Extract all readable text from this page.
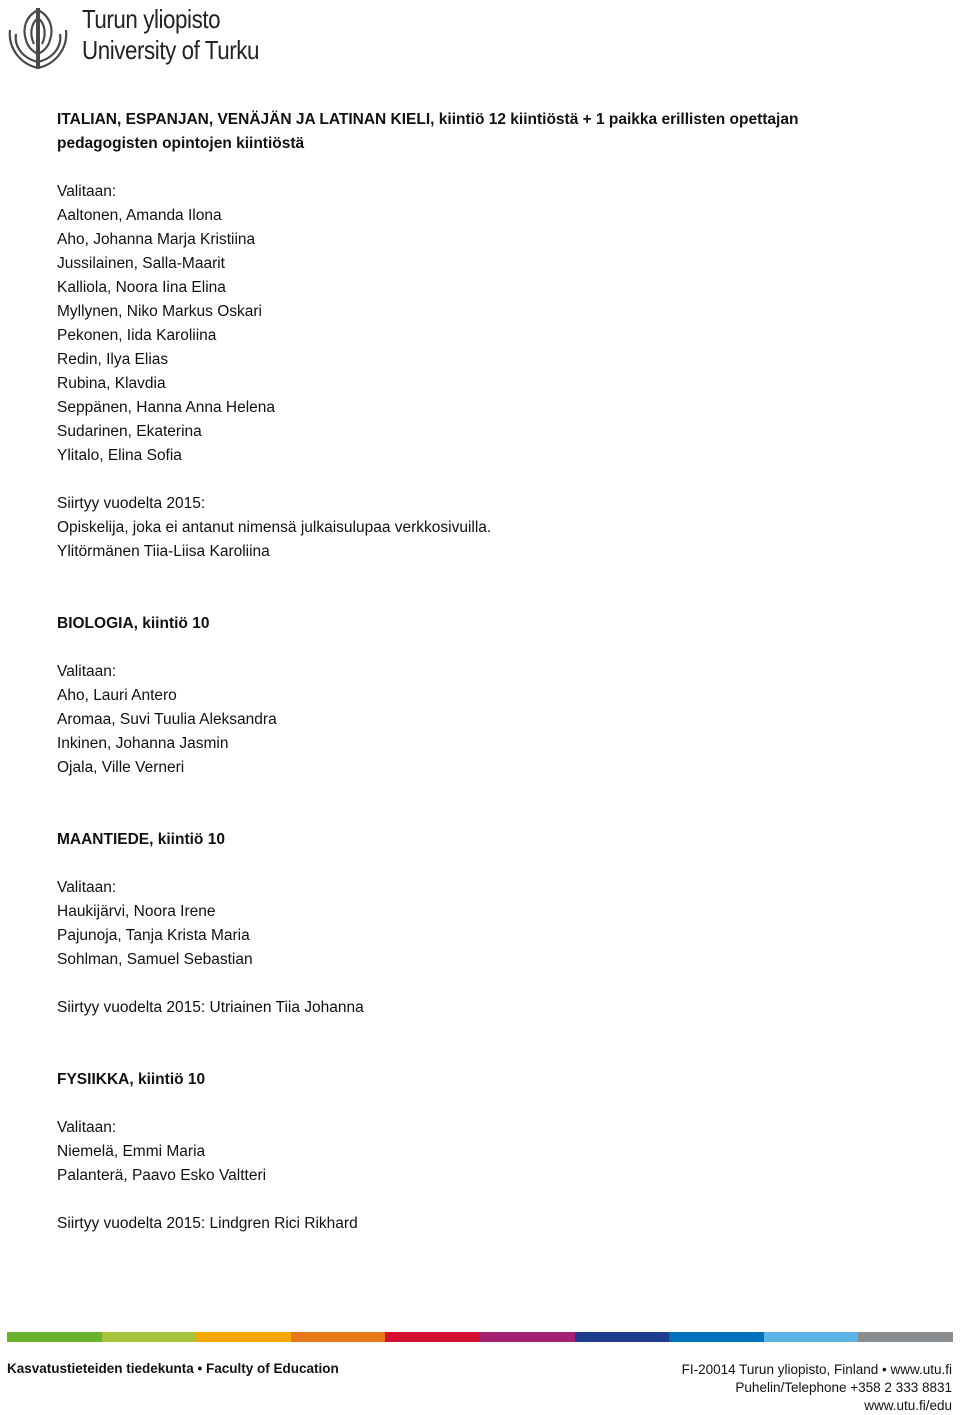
Turun yliopisto
University of Turku

ITALIAN, ESPANJAN, VENÄJÄN JA LATINAN KIELI, kiintiö 12 kiintiöstä + 1 paikka erillisten opettajan

pedagogisten opintojen kiintiöstä

Valitaan:

Aaltonen, Amanda Ilona

Aho, Johanna Marja Kristiina

Jussilainen, Salla-Maarit

Kalliola, Noora Iina Elina

Myllynen, Niko Markus Oskari

Pekonen, Iida Karoliina

Redin, Ilya Elias

Rubina, Klavdia

Seppänen, Hanna Anna Helena

Sudarinen, Ekaterina

Ylitalo, Elina Sofia

Siirtyy vuodelta 2015:

Opiskelija, joka ei antanut nimensä julkaisulupaa verkkosivuilla.

Ylitörmänen Tiia-Liisa Karoliina

BIOLOGIA, kiintiö 10

Valitaan:

Aho, Lauri Antero

Aromaa, Suvi Tuulia Aleksandra

Inkinen, Johanna Jasmin

Ojala, Ville Verneri

MAANTIEDE, kiintiö 10

Valitaan:

Haukijärvi, Noora Irene

Pajunoja, Tanja Krista Maria

Sohlman, Samuel Sebastian

Siirtyy vuodelta 2015: Utriainen Tiia Johanna

FYSIIKKA, kiintiö 10

Valitaan:

Niemelä, Emmi Maria

Palanterä, Paavo Esko Valtteri

Siirtyy vuodelta 2015: Lindgren Rici Rikhard

Kasvatustieteiden tiedekunta • Faculty of Education	FI-20014 Turun yliopisto, Finland • www.utu.fi

Puhelin/Telephone +358 2 333 8831

www.utu.fi/edu
